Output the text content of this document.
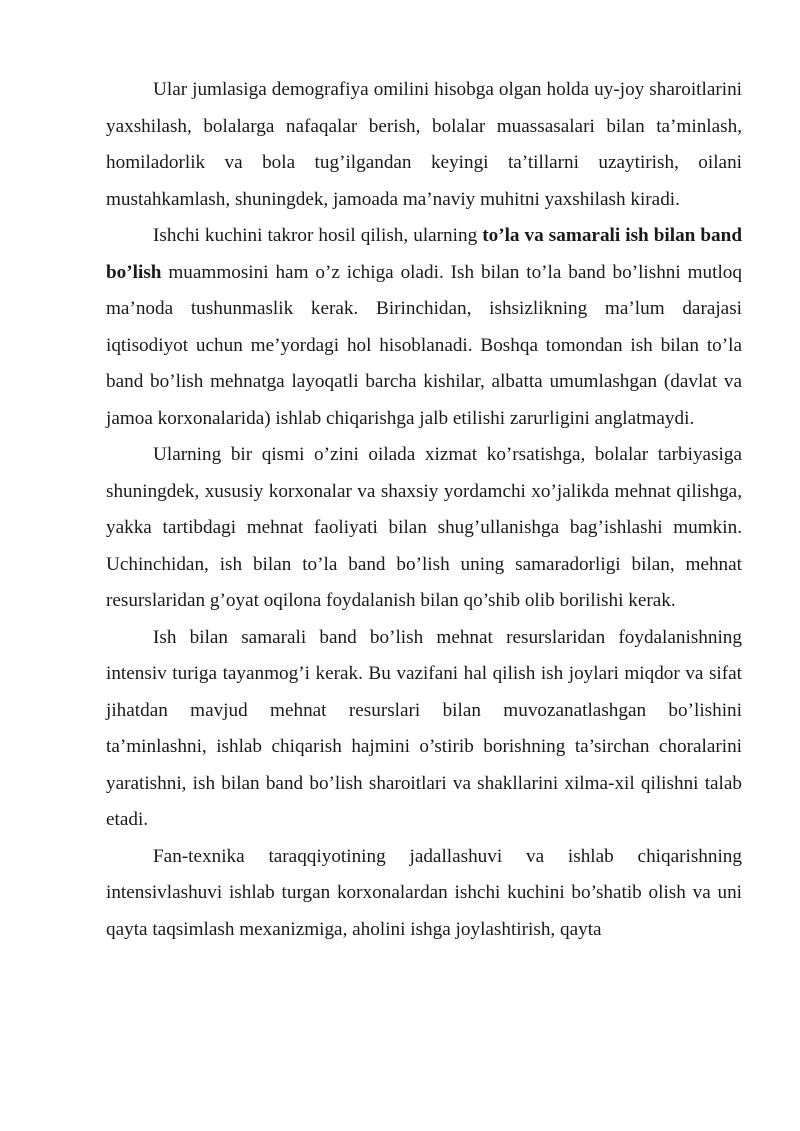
Ular jumlasiga demografiya omilini hisobga olgan holda uy-joy sharoitlarini yaxshilash, bolalarga nafaqalar berish, bolalar muassasalari bilan ta’minlash, homiladorlik va bola tug’ilgandan keyingi ta’tillarni uzaytirish, oilani mustahkamlash, shuningdek, jamoada ma’naviy muhitni yaxshilash kiradi.

Ishchi kuchini takror hosil qilish, ularning to’la va samarali ish bilan band bo’lish muammosini ham o’z ichiga oladi. Ish bilan to’la band bo’lishni mutloq ma’noda tushunmaslik kerak. Birinchidan, ishsizlikning ma’lum darajasi iqtisodiyot uchun me’yordagi hol hisoblanadi. Boshqa tomondan ish bilan to’la band bo’lish mehnatga layoqatli barcha kishilar, albatta umumlashgan (davlat va jamoa korxonalarida) ishlab chiqarishga jalb etilishi zarurligini anglatmaydi.

Ularning bir qismi o’zini oilada xizmat ko’rsatishga, bolalar tarbiyasiga shuningdek, xususiy korxonalar va shaxsiy yordamchi xo’jalikda mehnat qilishga, yakka tartibdagi mehnat faoliyati bilan shug’ullanishga bag’ishlashi mumkin. Uchinchidan, ish bilan to’la band bo’lish uning samaradorligi bilan, mehnat resurslaridan g’oyat oqilona foydalanish bilan qo’shib olib borilishi kerak.

Ish bilan samarali band bo’lish mehnat resurslaridan foydalanishning intensiv turiga tayanmog’i kerak. Bu vazifani hal qilish ish joylari miqdor va sifat jihatdan mavjud mehnat resurslari bilan muvozanatlashgan bo’lishini ta’minlashni, ishlab chiqarish hajmini o’stirib borishning ta’sirchan choralarini yaratishni, ish bilan band bo’lish sharoitlari va shakllarini xilma-xil qilishni talab etadi.

Fan-texnika taraqqiyotining jadallashuvi va ishlab chiqarishning intensivlashuvi ishlab turgan korxonalardan ishchi kuchini bo’shatib olish va uni qayta taqsimlash mexanizmiga, aholini ishga joylashtirish, qayta
